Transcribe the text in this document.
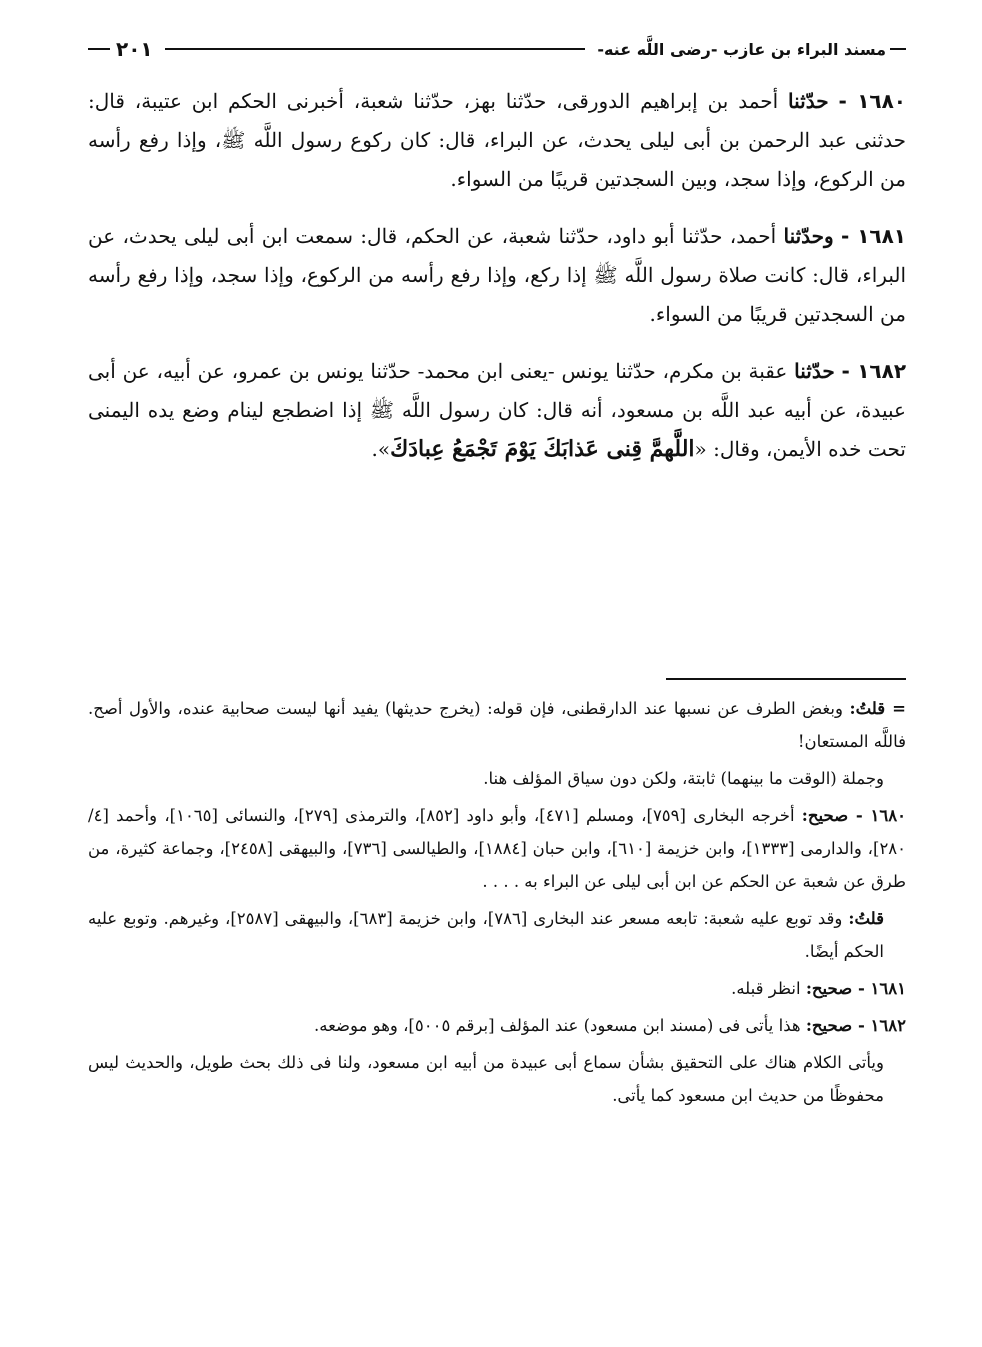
مسند البراء بن عازب -رضى اللَّه عنه-
٢٠١

١٦٨٠ - حدّثنا أحمد بن إبراهيم الدورقى، حدّثنا بهز، حدّثنا شعبة، أخبرنى الحكم ابن عتيبة، قال: حدثنى عبد الرحمن بن أبى ليلى يحدث، عن البراء، قال: كان ركوع رسول اللَّه ﷺ، وإذا رفع رأسه من الركوع، وإذا سجد، وبين السجدتين قريبًا من السواء.

١٦٨١ - وحدّثنا أحمد، حدّثنا أبو داود، حدّثنا شعبة، عن الحكم، قال: سمعت ابن أبى ليلى يحدث، عن البراء، قال: كانت صلاة رسول اللَّه ﷺ إذا ركع، وإذا رفع رأسه من الركوع، وإذا سجد، وإذا رفع رأسه من السجدتين قريبًا من السواء.

١٦٨٢ - حدّثنا عقبة بن مكرم، حدّثنا يونس -يعنى ابن محمد- حدّثنا يونس بن عمرو، عن أبيه، عن أبى عبيدة، عن أبيه عبد اللَّه بن مسعود، أنه قال: كان رسول اللَّه ﷺ إذا اضطجع لينام وضع يده اليمنى تحت خده الأيمن، وقال: «اللَّهمَّ قِنى عَذابَكَ يَوْمَ تَجْمَعُ عِبادَكَ».

= قلتُ: وبغض الطرف عن نسبها عند الدارقطنى، فإن قوله: (يخرج حديثها) يفيد أنها ليست صحابية عنده، والأول أصح. فاللَّه المستعان!

وجملة (الوقت ما بينهما) ثابتة، ولكن دون سياق المؤلف هنا.

١٦٨٠ - صحيح: أخرجه البخارى [٧٥٩]، ومسلم [٤٧١]، وأبو داود [٨٥٢]، والترمذى [٢٧٩]، والنسائى [١٠٦٥]، وأحمد [٤/ ٢٨٠]، والدارمى [١٣٣٣]، وابن خزيمة [٦١٠]، وابن حبان [١٨٨٤]، والطيالسى [٧٣٦]، والبيهقى [٢٤٥٨]، وجماعة كثيرة، من طرق عن شعبة عن الحكم عن ابن أبى ليلى عن البراء به . . . .

قلتُ: وقد توبع عليه شعبة: تابعه مسعر عند البخارى [٧٨٦]، وابن خزيمة [٦٨٣]، والبيهقى [٢٥٨٧]، وغيرهم. وتوبع عليه الحكم أيضًا.

١٦٨١ - صحيح: انظر قبله.

١٦٨٢ - صحيح: هذا يأتى فى (مسند ابن مسعود) عند المؤلف [برقم ٥٠٠٥]، وهو موضعه.

ويأتى الكلام هناك على التحقيق بشأن سماع أبى عبيدة من أبيه ابن مسعود، ولنا فى ذلك بحث طويل، والحديث ليس محفوظًا من حديث ابن مسعود كما يأتى.
